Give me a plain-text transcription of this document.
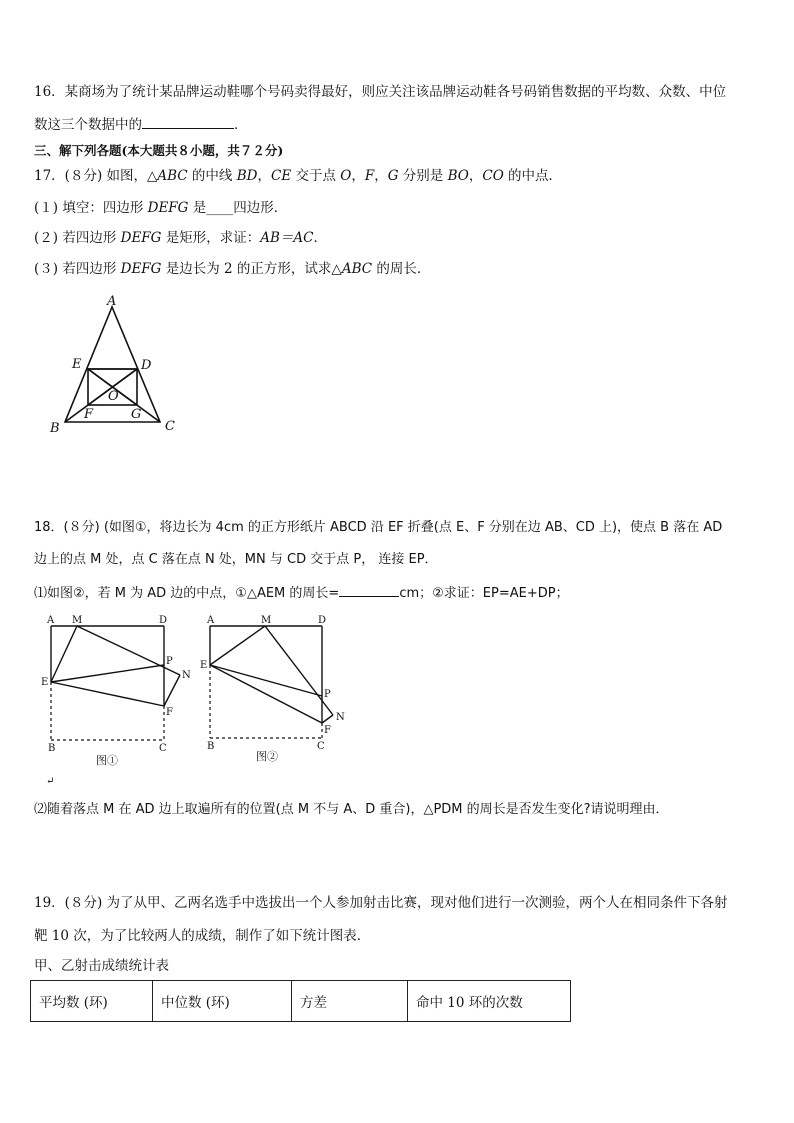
16．某商场为了统计某品牌运动鞋哪个号码卖得最好，则应关注该品牌运动鞋各号码销售数据的平均数、众数、中位
数这三个数据中的	．
三、解下列各题(本大题共８小题，共７２分)
17．(８分) 如图，△ABC 的中线 BD，CE 交于点 O，F，G 分别是 BO，CO 的中点．
(１) 填空：四边形 DEFG 是____四边形．
(２) 若四边形 DEFG 是矩形，求证：AB＝AC．
(３) 若四边形 DEFG 是边长为 2 的正方形，试求△ABC 的周长．
A
E	D
O
F	G
B	C
18．(８分) (如图①，将边长为 4cm 的正方形纸片 ABCD 沿 EF 折叠(点 E、F 分别在边 AB、CD 上)，使点 B 落在 AD
边上的点 M 处，点 C 落在点 N 处，MN 与 CD 交于点 P， 连接 EP．
⑴如图②，若 M 为 AD 边的中点，①△AEM 的周长=	cm；②求证：EP=AE+DP；
A M	D
E
P
N
F
B	C
图①
↵
A	M	D
E
P
N
F
B	C
图②
⑵随着落点 M 在 AD 边上取遍所有的位置(点 M 不与 A、D 重合)，△PDM 的周长是否发生变化?请说明理由．
19．(８分) 为了从甲、乙两名选手中选拔出一个人参加射击比赛，现对他们进行一次测验，两个人在相同条件下各射
靶 10 次，为了比较两人的成绩，制作了如下统计图表．
甲、乙射击成绩统计表
平均数 (环)	中位数 (环)	方差	命中 10 环的次数
